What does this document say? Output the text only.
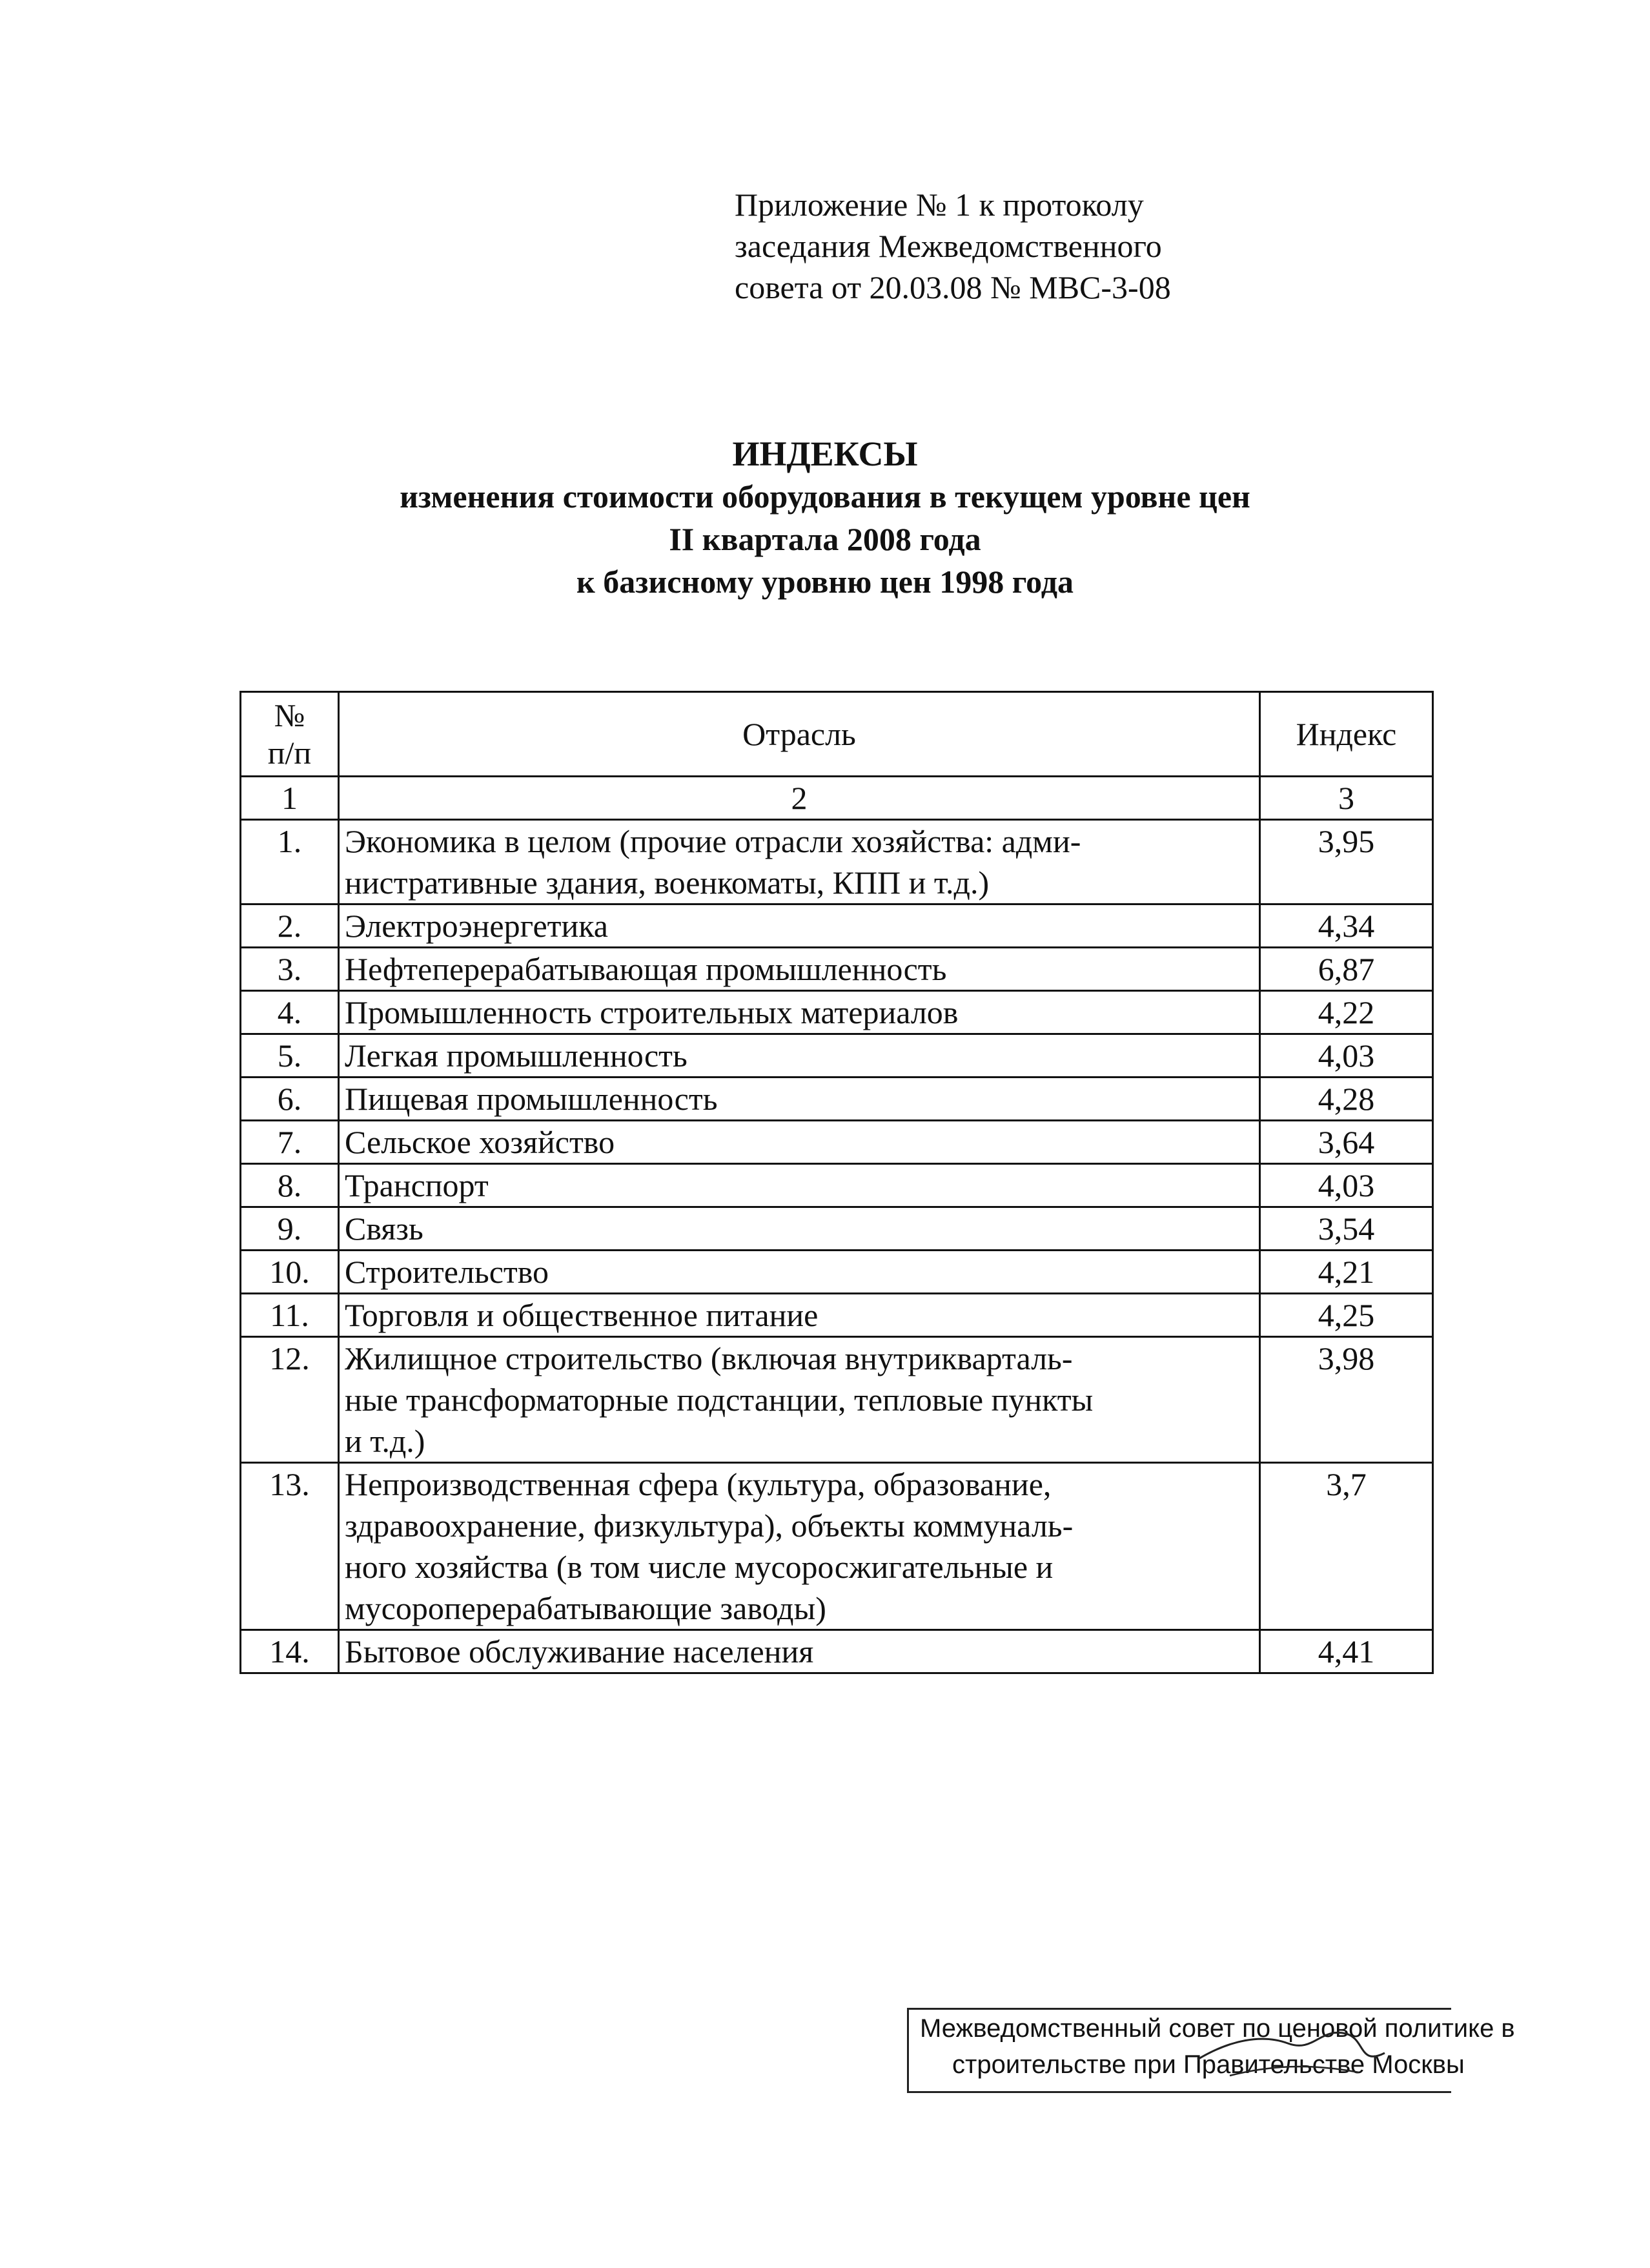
Приложение № 1 к протоколу
заседания Межведомственного
совета от 20.03.08 № МВС-3-08
ИНДЕКСЫ
изменения стоимости оборудования в текущем уровне цен
II квартала 2008 года
к базисному уровню цен 1998 года
№
п/п	Отрасль	Индекс
1	2	3
1.	Экономика в целом (прочие отрасли хозяйства: адми-
нистративные здания, военкоматы, КПП и т.д.)	3,95
2.	Электроэнергетика	4,34
3.	Нефтеперерабатывающая промышленность	6,87
4.	Промышленность строительных материалов	4,22
5.	Легкая промышленность	4,03
6.	Пищевая промышленность	4,28
7.	Сельское хозяйство	3,64
8.	Транспорт	4,03
9.	Связь	3,54
10.	Строительство	4,21
11.	Торговля и общественное питание	4,25
12.	Жилищное строительство (включая внутрикварталь-
ные трансформаторные подстанции, тепловые пункты
и т.д.)	3,98
13.	Непроизводственная сфера (культура, образование,
здравоохранение, физкультура), объекты коммуналь-
ного хозяйства (в том числе мусоросжигательные и
мусороперерабатывающие заводы)	3,7
14.	Бытовое обслуживание населения	4,41
Межведомственный совет по ценовой политике в
строительстве при Правительстве Москвы
